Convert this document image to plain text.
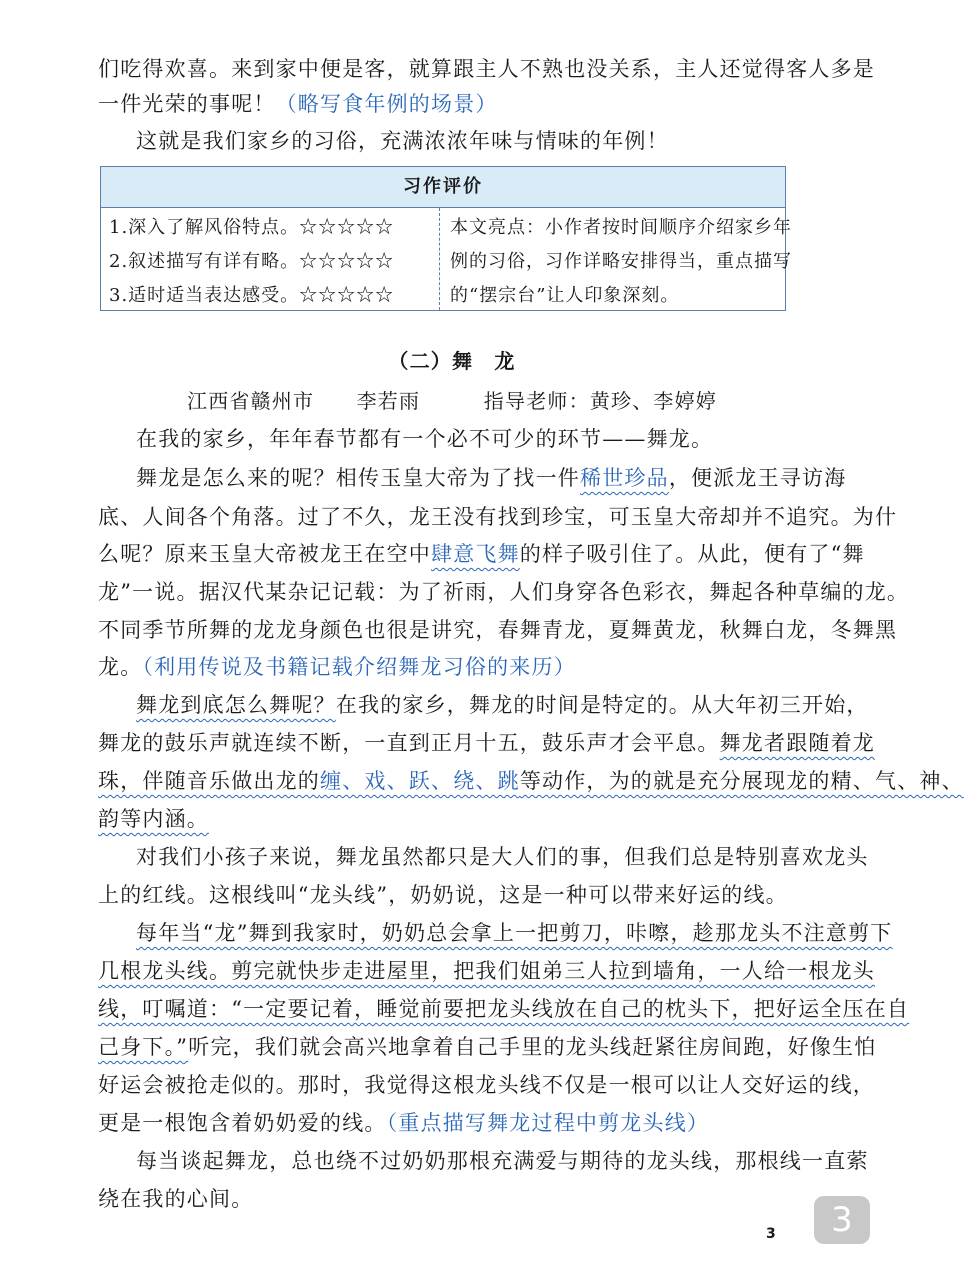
们吃得欢喜。来到家中便是客，就算跟主人不熟也没关系，主人还觉得客人多是
一件光荣的事呢！（略写食年例的场景）
这就是我们家乡的习俗，充满浓浓年味与情味的年例！
习作评价
1.深入了解风俗特点。☆☆☆☆☆
2.叙述描写有详有略。☆☆☆☆☆
3.适时适当表达感受。☆☆☆☆☆
本文亮点：小作者按时间顺序介绍家乡年
例的习俗，习作详略安排得当，重点描写
的“摆宗台”让人印象深刻。
（二）舞　龙
江西省赣州市　　李若雨　　　指导老师：黄珍、李婷婷
在我的家乡，年年春节都有一个必不可少的环节——舞龙。
舞龙是怎么来的呢？相传玉皇大帝为了找一件稀世珍品，便派龙王寻访海
底、人间各个角落。过了不久，龙王没有找到珍宝，可玉皇大帝却并不追究。为什
么呢？原来玉皇大帝被龙王在空中肆意飞舞的样子吸引住了。从此，便有了“舞
龙”一说。据汉代某杂记记载：为了祈雨，人们身穿各色彩衣，舞起各种草编的龙。
不同季节所舞的龙龙身颜色也很是讲究，春舞青龙，夏舞黄龙，秋舞白龙，冬舞黑
龙。（利用传说及书籍记载介绍舞龙习俗的来历）
舞龙到底怎么舞呢？在我的家乡，舞龙的时间是特定的。从大年初三开始，
舞龙的鼓乐声就连续不断，一直到正月十五，鼓乐声才会平息。舞龙者跟随着龙
珠，伴随音乐做出龙的缠、戏、跃、绕、跳等动作，为的就是充分展现龙的精、气、神、
韵等内涵。
对我们小孩子来说，舞龙虽然都只是大人们的事，但我们总是特别喜欢龙头
上的红线。这根线叫“龙头线”，奶奶说，这是一种可以带来好运的线。
每年当“龙”舞到我家时，奶奶总会拿上一把剪刀，咔嚓，趁那龙头不注意剪下
几根龙头线。剪完就快步走进屋里，把我们姐弟三人拉到墙角，一人给一根龙头
线，叮嘱道：“一定要记着，睡觉前要把龙头线放在自己的枕头下，把好运全压在自
己身下。”听完，我们就会高兴地拿着自己手里的龙头线赶紧往房间跑，好像生怕
好运会被抢走似的。那时，我觉得这根龙头线不仅是一根可以让人交好运的线，
更是一根饱含着奶奶爱的线。（重点描写舞龙过程中剪龙头线）
每当谈起舞龙，总也绕不过奶奶那根充满爱与期待的龙头线，那根线一直萦
绕在我的心间。
3	3
